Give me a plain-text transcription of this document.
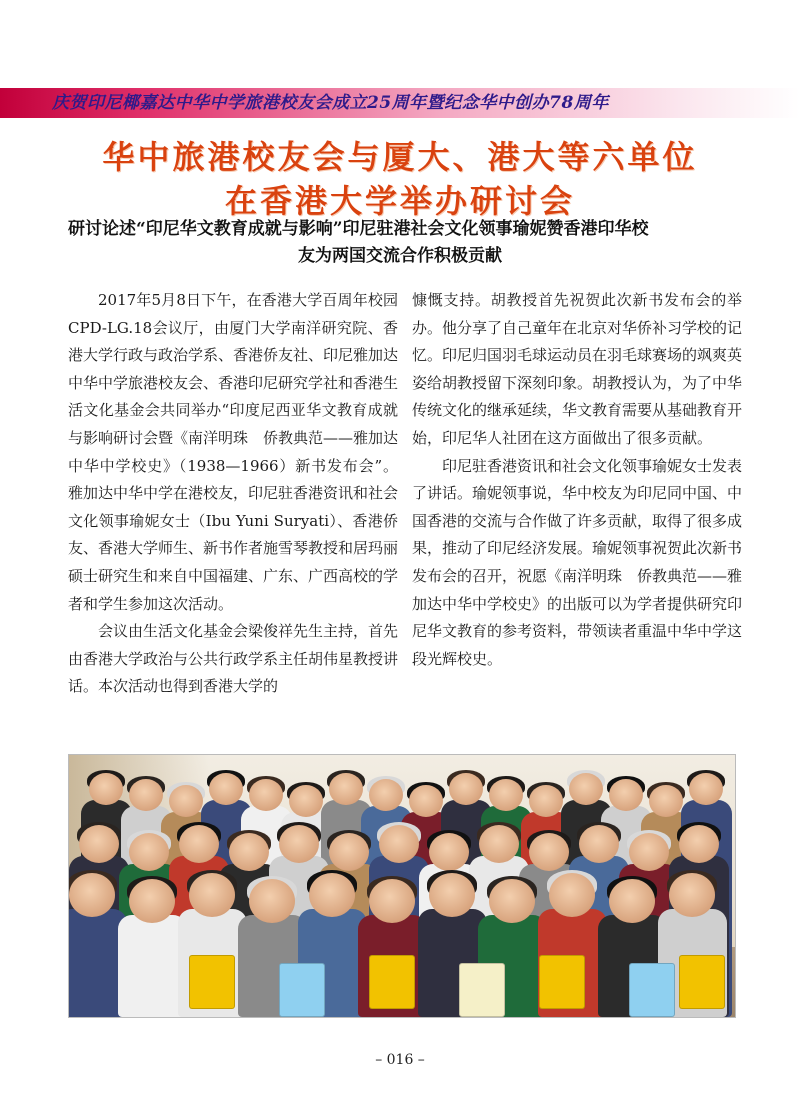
庆贺印尼椰嘉达中华中学旅港校友会成立25周年暨纪念华中创办78周年
华中旅港校友会与厦大、港大等六单位
在香港大学举办研讨会
研讨论述“印尼华文教育成就与影响”印尼驻港社会文化领事瑜妮赞香港印华校
友为两国交流合作积极贡献

2017年5月8日下午，在香港大学百周年校园CPD-LG.18会议厅，由厦门大学南洋研究院、香港大学行政与政治学系、香港侨友社、印尼雅加达中华中学旅港校友会、香港印尼研究学社和香港生活文化基金会共同举办“印度尼西亚华文教育成就与影响研讨会暨《南洋明珠　侨教典范——雅加达中华中学校史》（1938—1966）新书发布会”。雅加达中华中学在港校友，印尼驻香港资讯和社会文化领事瑜妮女士（Ibu Yuni Suryati）、香港侨友、香港大学师生、新书作者施雪琴教授和居玛丽硕士研究生和来自中国福建、广东、广西高校的学者和学生参加这次活动。

会议由生活文化基金会梁俊祥先生主持，首先由香港大学政治与公共行政学系主任胡伟星教授讲话。本次活动也得到香港大学的

慷慨支持。胡教授首先祝贺此次新书发布会的举办。他分享了自己童年在北京对华侨补习学校的记忆。印尼归国羽毛球运动员在羽毛球赛场的飒爽英姿给胡教授留下深刻印象。胡教授认为，为了中华传统文化的继承延续，华文教育需要从基础教育开始，印尼华人社团在这方面做出了很多贡献。

印尼驻香港资讯和社会文化领事瑜妮女士发表了讲话。瑜妮领事说，华中校友为印尼同中国、中国香港的交流与合作做了许多贡献，取得了很多成果，推动了印尼经济发展。瑜妮领事祝贺此次新书发布会的召开，祝愿《南洋明珠　侨教典范——雅加达中华中学校史》的出版可以为学者提供研究印尼华文教育的参考资料，带领读者重温中华中学这段光辉校史。

– 016 –
